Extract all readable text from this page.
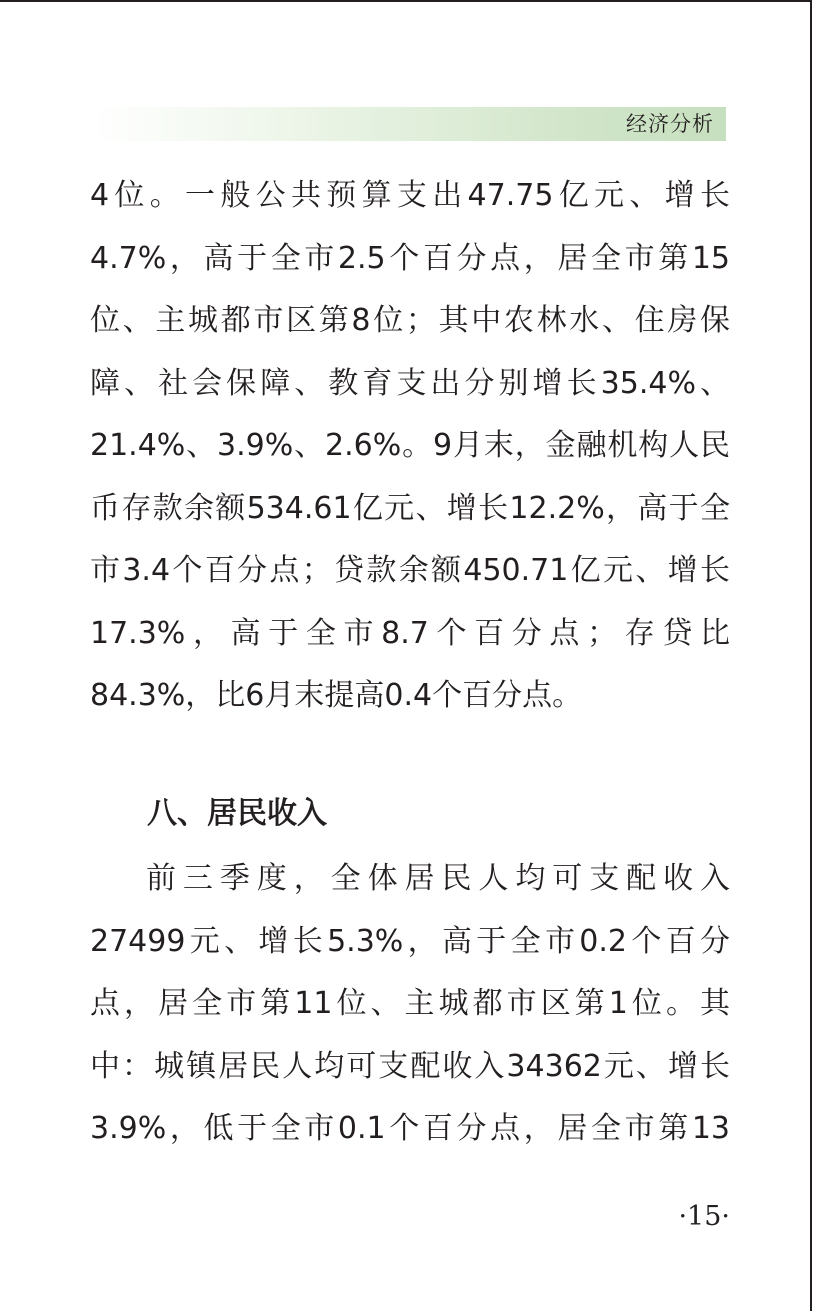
经济分析
4位。一般公共预算支出47.75亿元、增长
4.7%，高于全市2.5个百分点，居全市第15
位、主城都市区第8位；其中农林水、住房保
障、社会保障、教育支出分别增长35.4%、
21.4%、3.9%、2.6%。9月末，金融机构人民
币存款余额534.61亿元、增长12.2%，高于全
市3.4个百分点；贷款余额450.71亿元、增长
17.3%，高于全市8.7个百分点；存贷比
84.3%，比6月末提高0.4个百分点。
八、居民收入
前三季度，全体居民人均可支配收入
27499元、增长5.3%，高于全市0.2个百分
点，居全市第11位、主城都市区第1位。其
中：城镇居民人均可支配收入34362元、增长
3.9%，低于全市0.1个百分点，居全市第13
·15·
